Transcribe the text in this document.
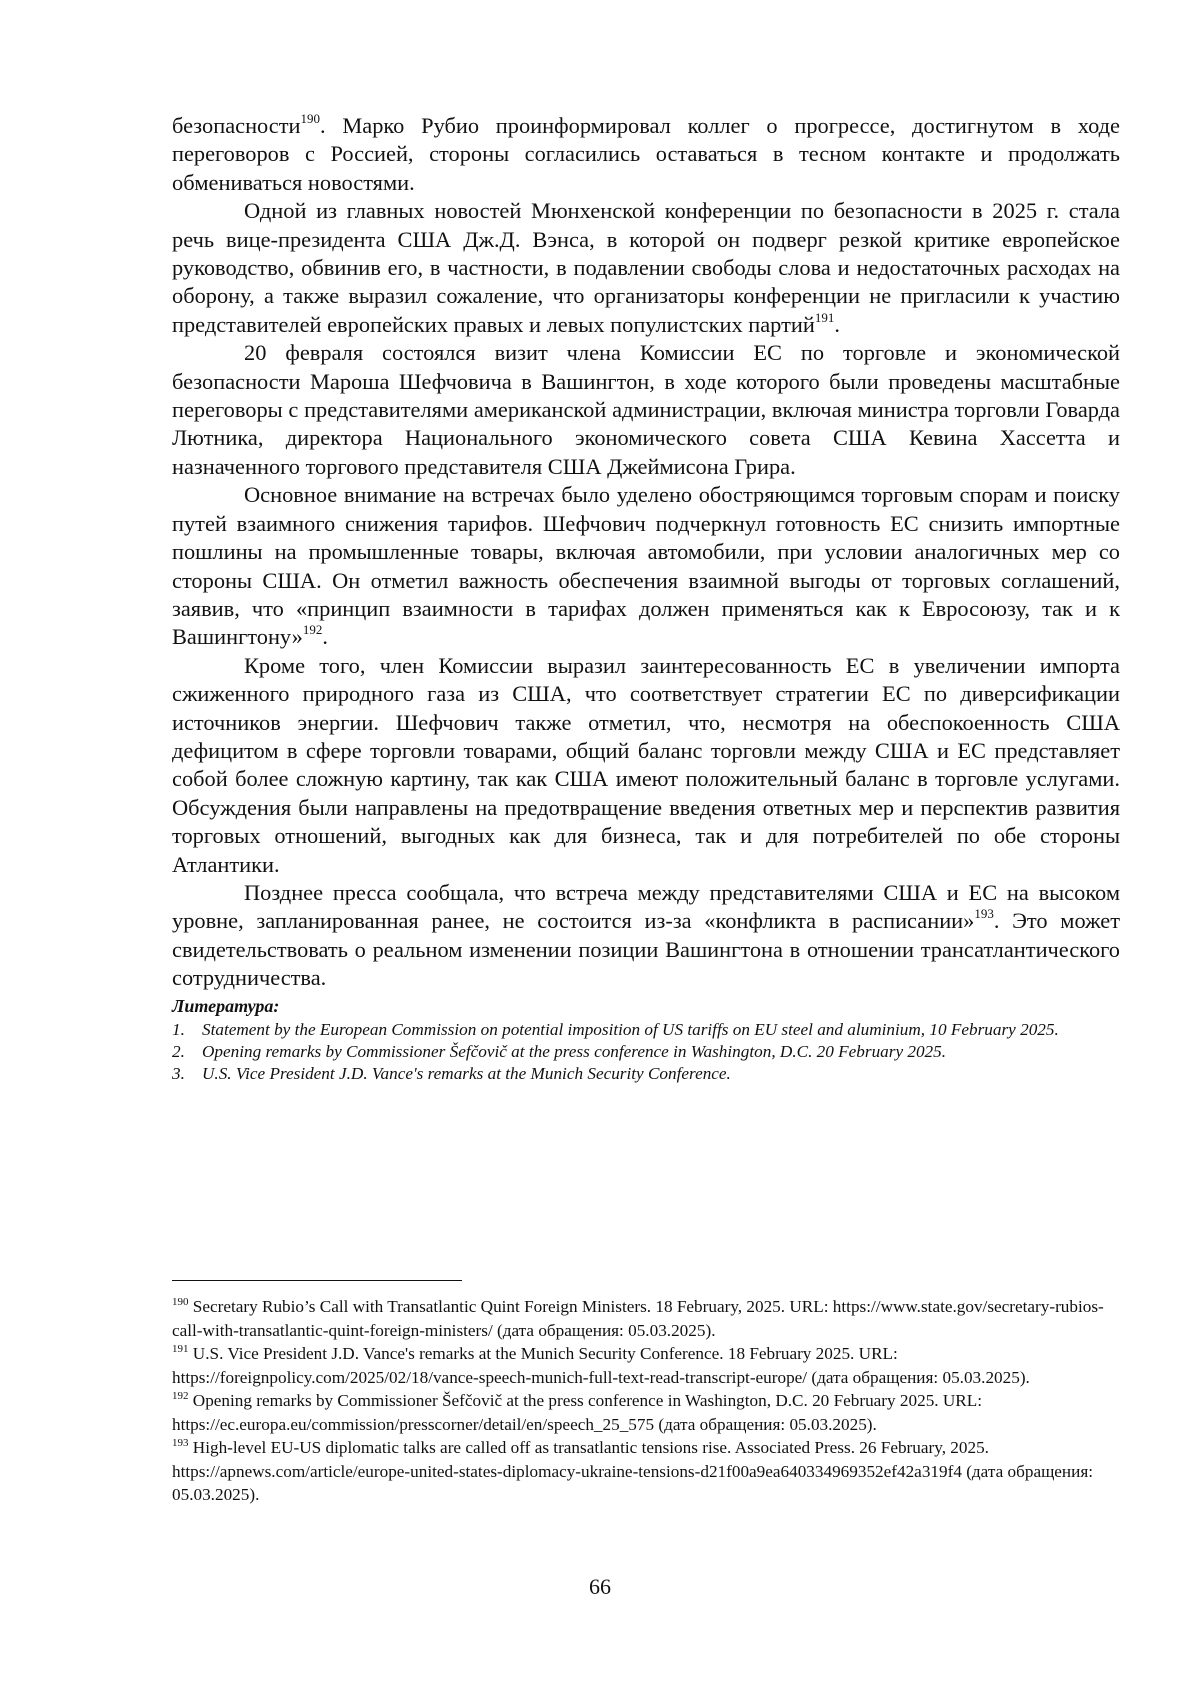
безопасности$^{190}$. Марко Рубио проинформировал коллег о прогрессе, достигнутом в ходе переговоров с Россией, стороны согласились оставаться в тесном контакте и продолжать обмениваться новостями.

Одной из главных новостей Мюнхенской конференции по безопасности в 2025 г. стала речь вице-президента США Дж.Д. Вэнса, в которой он подверг резкой критике европейское руководство, обвинив его, в частности, в подавлении свободы слова и недостаточных расходах на оборону, а также выразил сожаление, что организаторы конференции не пригласили к участию представителей европейских правых и левых популистских партий$^{191}$.

20 февраля состоялся визит члена Комиссии ЕС по торговле и экономической безопасности Мароша Шефчовича в Вашингтон, в ходе которого были проведены масштабные переговоры с представителями американской администрации, включая министра торговли Говарда Лютника, директора Национального экономического совета США Кевина Хассетта и назначенного торгового представителя США Джеймисона Грира.

Основное внимание на встречах было уделено обостряющимся торговым спорам и поиску путей взаимного снижения тарифов. Шефчович подчеркнул готовность ЕС снизить импортные пошлины на промышленные товары, включая автомобили, при условии аналогичных мер со стороны США. Он отметил важность обеспечения взаимной выгоды от торговых соглашений, заявив, что «принцип взаимности в тарифах должен применяться как к Евросоюзу, так и к Вашингтону»$^{192}$.

Кроме того, член Комиссии выразил заинтересованность ЕС в увеличении импорта сжиженного природного газа из США, что соответствует стратегии ЕС по диверсификации источников энергии. Шефчович также отметил, что, несмотря на обеспокоенность США дефицитом в сфере торговли товарами, общий баланс торговли между США и ЕС представляет собой более сложную картину, так как США имеют положительный баланс в торговле услугами. Обсуждения были направлены на предотвращение введения ответных мер и перспектив развития торговых отношений, выгодных как для бизнеса, так и для потребителей по обе стороны Атлантики.

Позднее пресса сообщала, что встреча между представителями США и ЕС на высоком уровне, запланированная ранее, не состоится из-за «конфликта в расписании»$^{193}$. Это может свидетельствовать о реальном изменении позиции Вашингтона в отношении трансатлантического сотрудничества.

Литература:

1. Statement by the European Commission on potential imposition of US tariffs on EU steel and aluminium, 10 February 2025.
2. Opening remarks by Commissioner Šefčovič at the press conference in Washington, D.C. 20 February 2025.
3. U.S. Vice President J.D. Vance's remarks at the Munich Security Conference.

$^{190}$ Secretary Rubio’s Call with Transatlantic Quint Foreign Ministers. 18 February, 2025. URL: https://www.state.gov/secretary-rubios-call-with-transatlantic-quint-foreign-ministers/ (дата обращения: 05.03.2025).

$^{191}$ U.S. Vice President J.D. Vance's remarks at the Munich Security Conference. 18 February 2025. URL: https://foreignpolicy.com/2025/02/18/vance-speech-munich-full-text-read-transcript-europe/ (дата обращения: 05.03.2025).

$^{192}$ Opening remarks by Commissioner Šefčovič at the press conference in Washington, D.C. 20 February 2025. URL: https://ec.europa.eu/commission/presscorner/detail/en/speech_25_575 (дата обращения: 05.03.2025).

$^{193}$ High-level EU-US diplomatic talks are called off as transatlantic tensions rise. Associated Press. 26 February, 2025. https://apnews.com/article/europe-united-states-diplomacy-ukraine-tensions-d21f00a9ea640334969352ef42a319f4 (дата обращения: 05.03.2025).

66
